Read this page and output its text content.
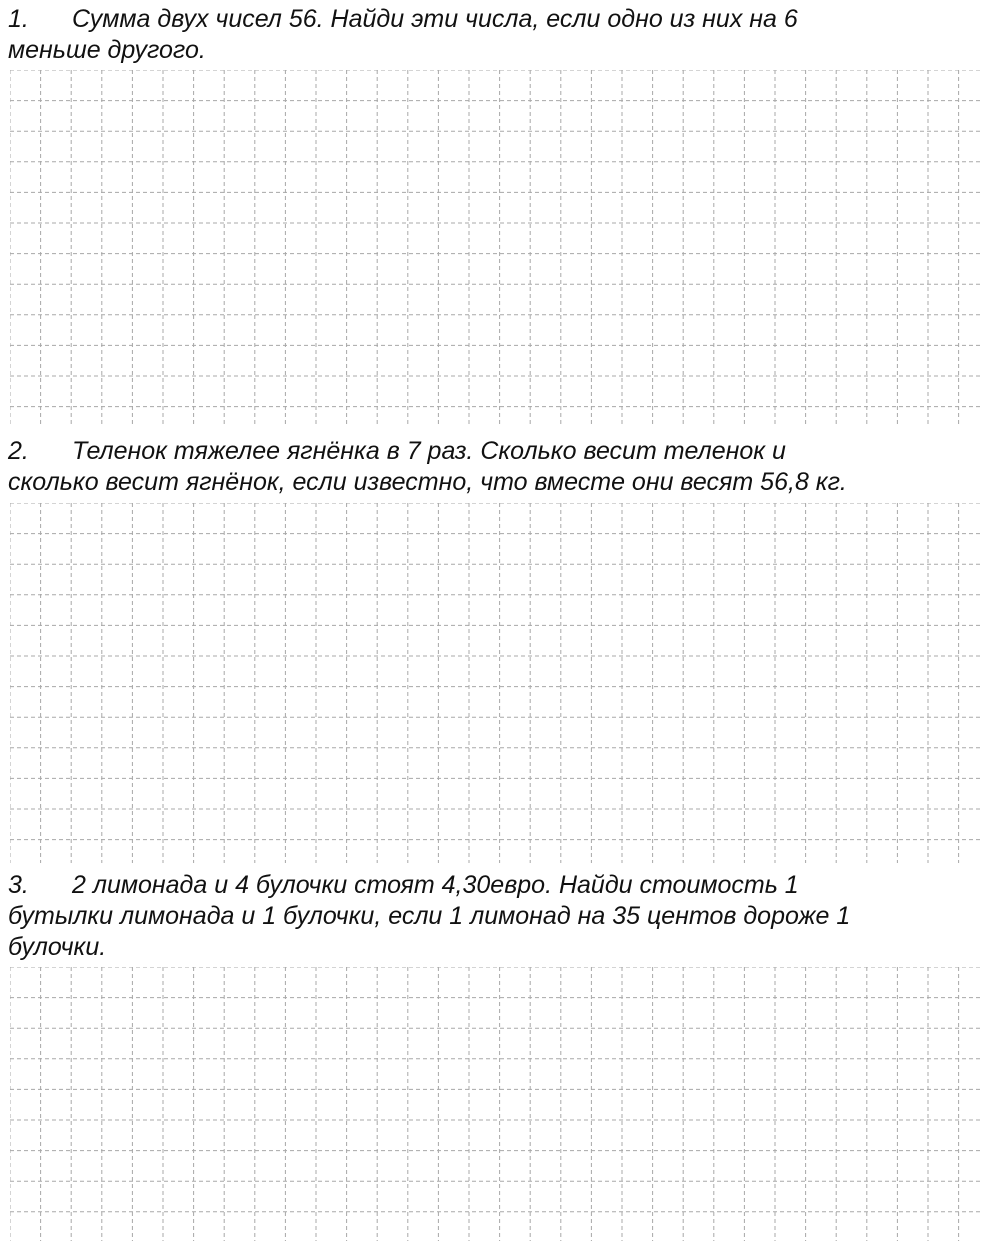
1. Сумма двух чисел 56. Найди эти числа, если одно из них на 6
меньше другого.
2. Теленок тяжелее ягнёнка в 7 раз. Сколько весит теленок и
сколько весит ягнёнок, если известно, что вместе они весят 56,8 кг.
3. 2 лимонада и 4 булочки стоят 4,30евро. Найди стоимость 1
бутылки лимонада и 1 булочки, если 1 лимонад на 35 центов дороже 1
булочки.
